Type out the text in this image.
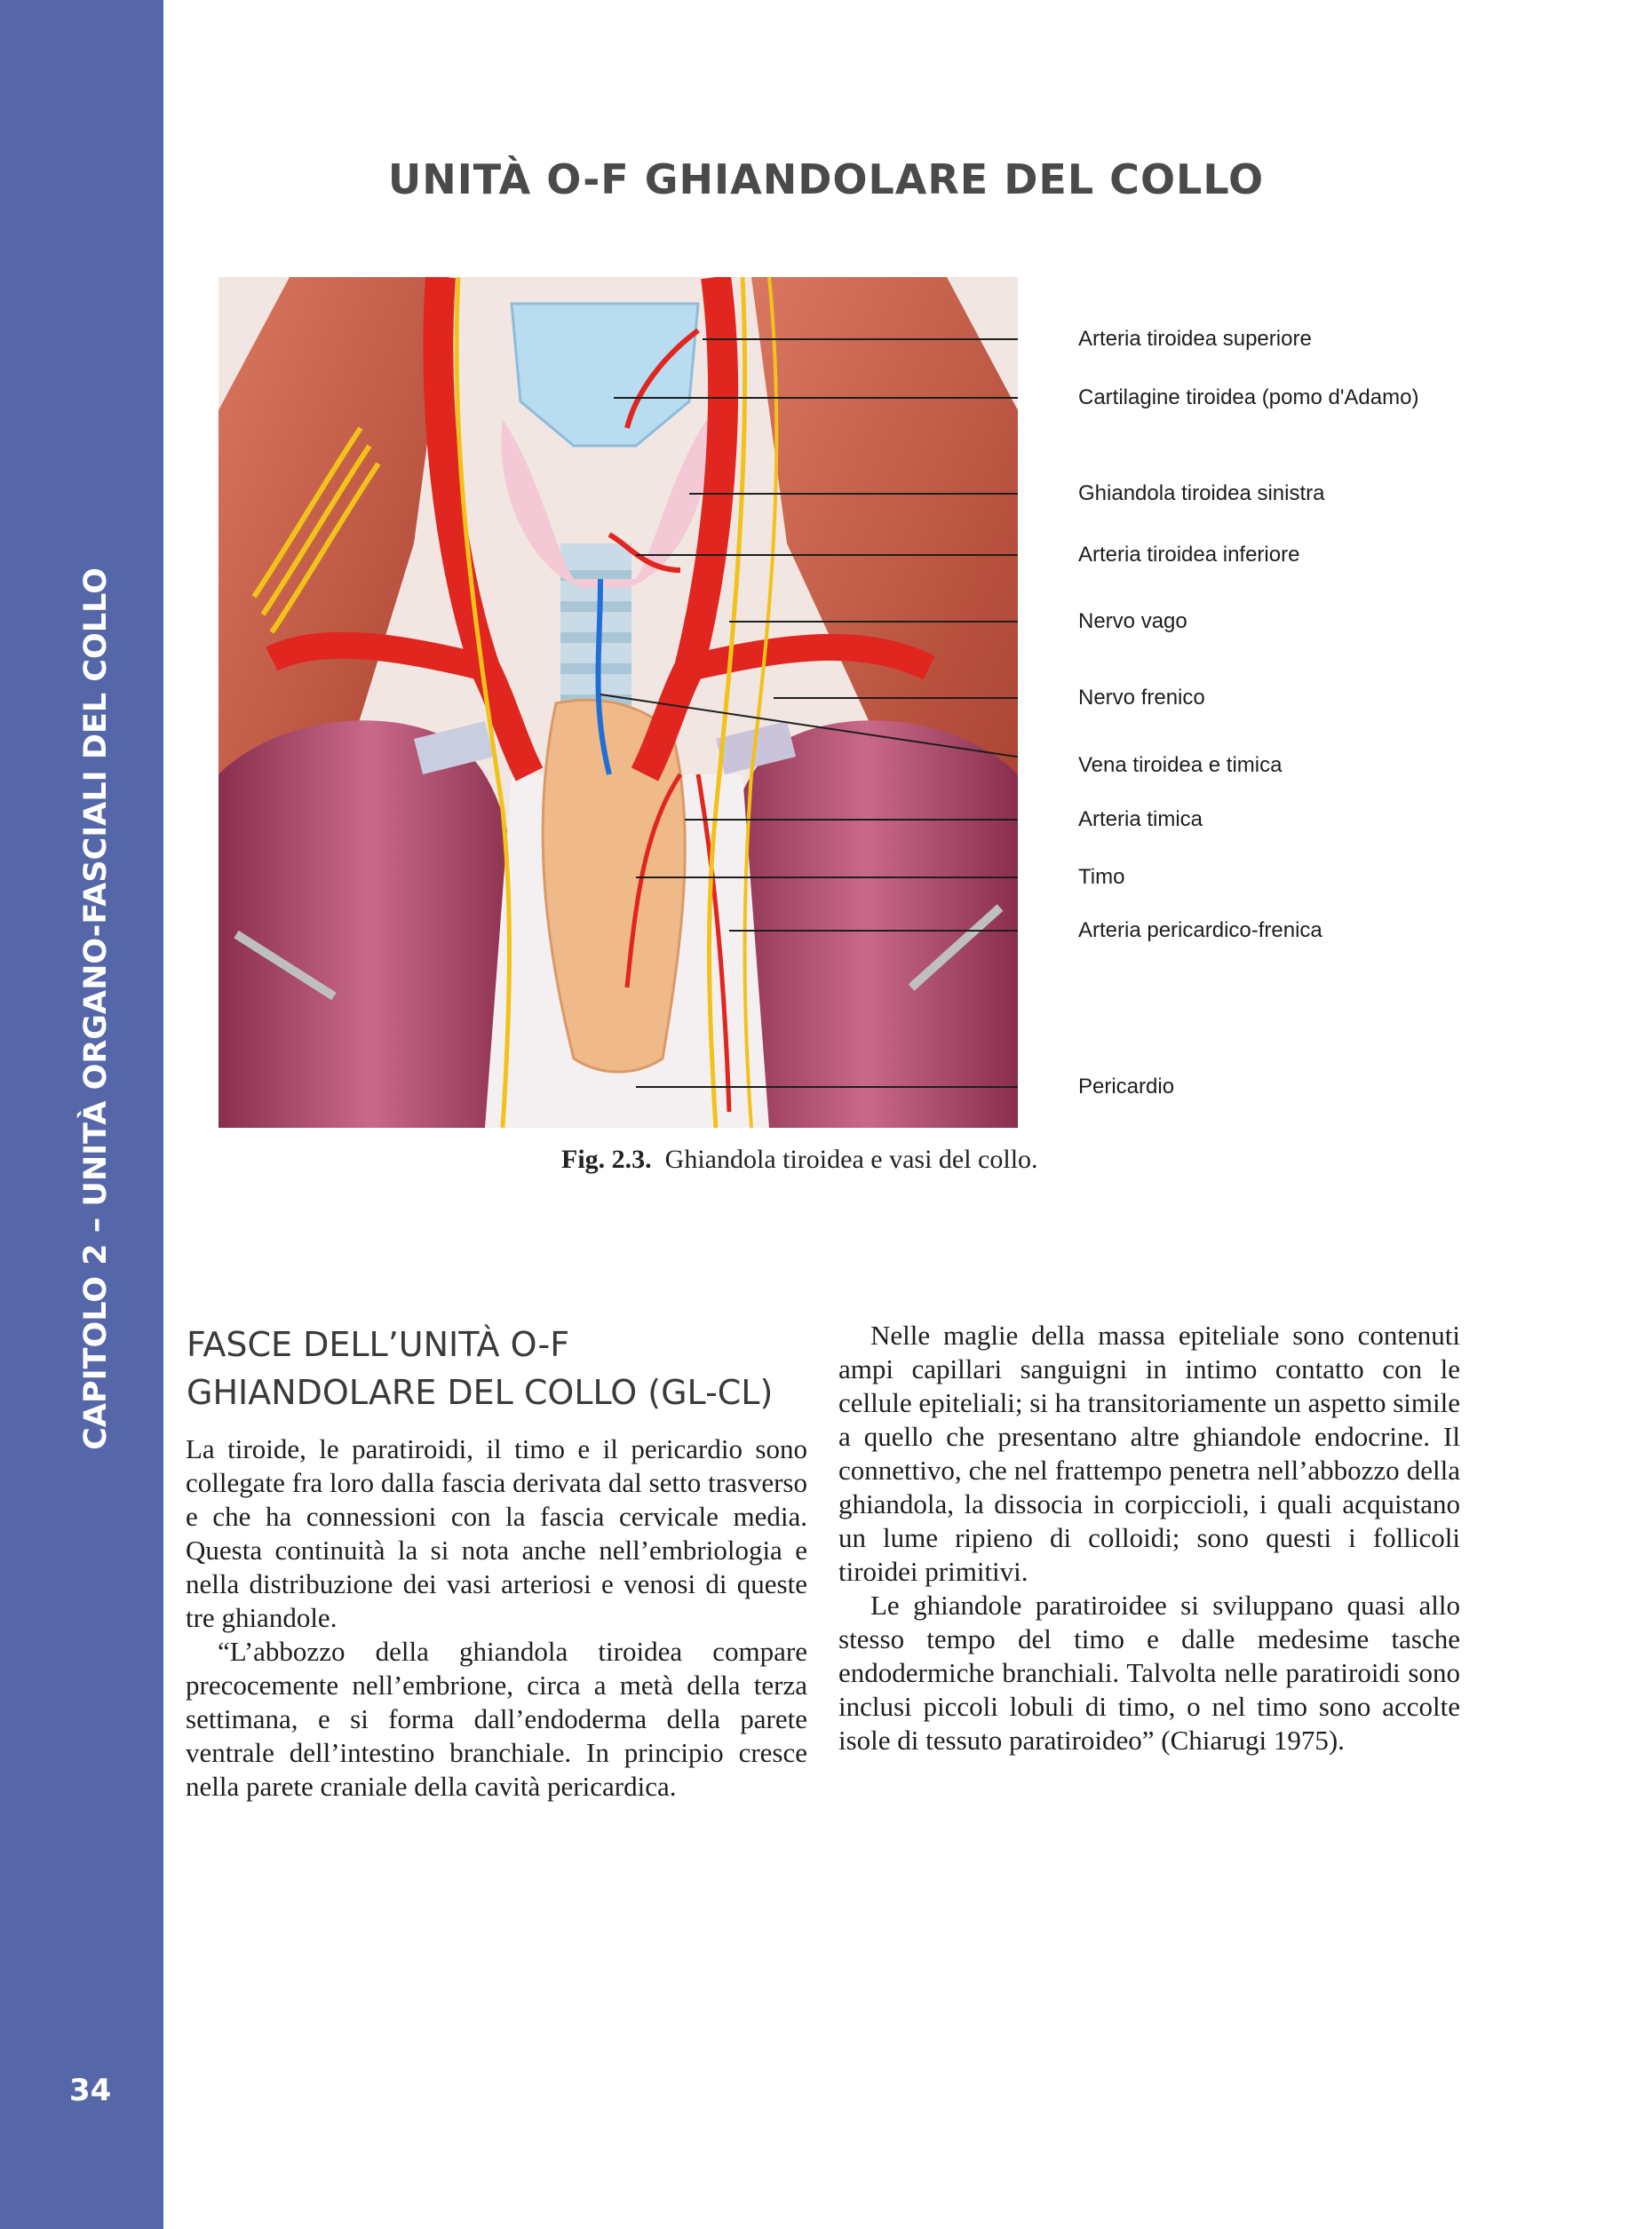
CAPITOLO 2 – UNITÀ ORGANO-FASCIALI DEL COLLO
34
UNITÀ O-F GHIANDOLARE DEL COLLO
Arteria tiroidea superiore
Cartilagine tiroidea (pomo d'Adamo)
Ghiandola tiroidea sinistra
Arteria tiroidea inferiore
Nervo vago
Nervo frenico
Vena tiroidea e timica
Arteria timica
Timo
Arteria pericardico-frenica
Pericardio
Fig. 2.3. Ghiandola tiroidea e vasi del collo.
FASCE DELL’UNITÀ O-F
GHIANDOLARE DEL COLLO (GL-CL)

La tiroide, le paratiroidi, il timo e il pericardio sono collegate fra loro dalla fascia derivata dal setto trasverso e che ha connessioni con la fascia cervicale media. Questa continuità la si nota anche nell’embriologia e nella distribuzione dei vasi arteriosi e venosi di queste tre ghiandole.

“L’abbozzo della ghiandola tiroidea compare precocemente nell’embrione, circa a metà della terza settimana, e si forma dall’endoderma della parete ventrale dell’intestino branchiale. In principio cresce nella parete craniale della cavità pericardica.

Nelle maglie della massa epiteliale sono contenuti ampi capillari sanguigni in intimo contatto con le cellule epiteliali; si ha transitoriamente un aspetto simile a quello che presentano altre ghiandole endocrine. Il connettivo, che nel frattempo penetra nell’abbozzo della ghiandola, la dissocia in corpiccioli, i quali acquistano un lume ripieno di colloidi; sono questi i follicoli tiroidei primitivi.

Le ghiandole paratiroidee si sviluppano quasi allo stesso tempo del timo e dalle medesime tasche endodermiche branchiali. Talvolta nelle paratiroidi sono inclusi piccoli lobuli di timo, o nel timo sono accolte isole di tessuto paratiroideo” (Chiarugi 1975).
